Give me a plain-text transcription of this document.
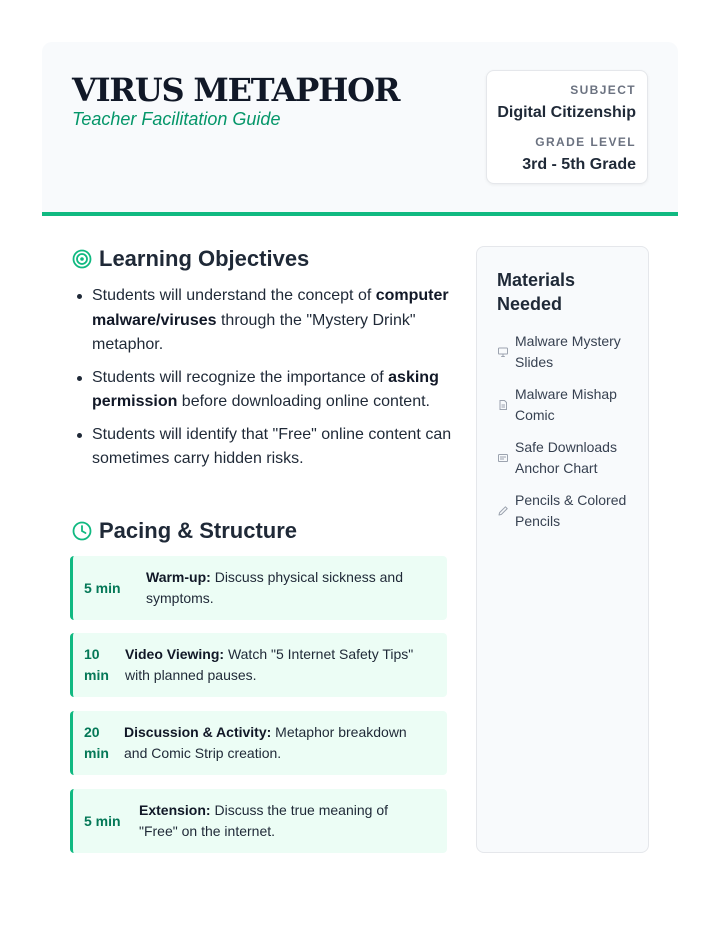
VIRUS METAPHOR

Teacher Facilitation Guide

SUBJECT
Digital Citizenship
GRADE LEVEL
3rd - 5th Grade
Learning Objectives
Students will understand the concept of computer malware/viruses through the "Mystery Drink" metaphor.
Students will recognize the importance of asking permission before downloading online content.
Students will identify that "Free" online content can sometimes carry hidden risks.
Pacing & Structure
5 min
Warm-up: Discuss physical sickness and symptoms.
10 min
Video Viewing: Watch "5 Internet Safety Tips" with planned pauses.
20 min
Discussion & Activity: Metaphor breakdown and Comic Strip creation.
5 min
Extension: Discuss the true meaning of "Free" on the internet.
Materials Needed
Malware Mystery Slides
Malware Mishap Comic
Safe Downloads Anchor Chart
Pencils & Colored Pencils
